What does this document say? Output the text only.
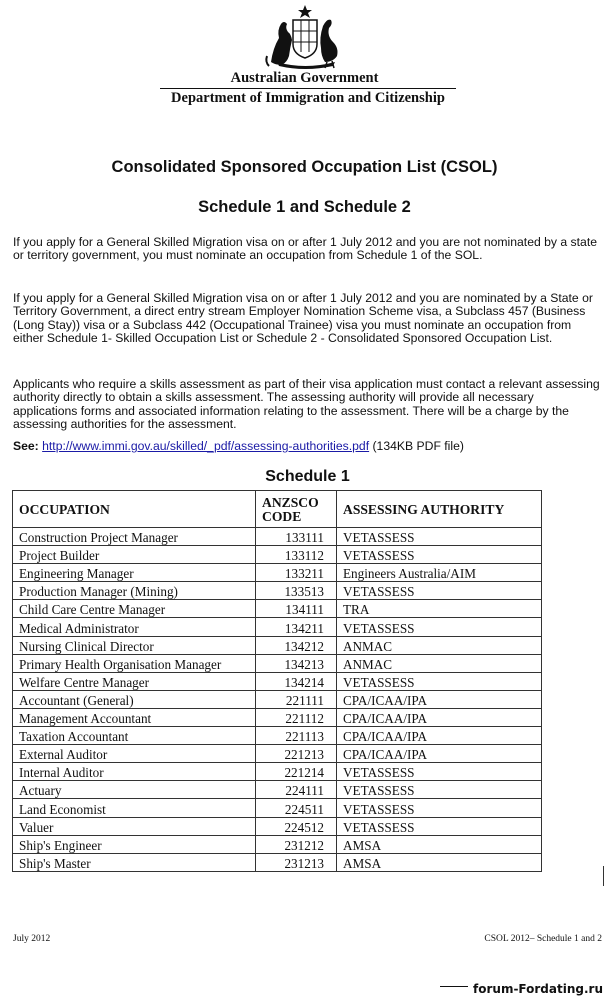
Australian Government
Department of Immigration and Citizenship
Consolidated Sponsored Occupation List (CSOL)
Schedule 1 and Schedule 2
If you apply for a General Skilled Migration visa on or after 1 July 2012 and you are not nominated by a state or territory government, you must nominate an occupation from Schedule 1 of the SOL.
If you apply for a General Skilled Migration visa on or after 1 July 2012 and you are nominated by a State or Territory Government, a direct entry stream Employer Nomination Scheme visa, a Subclass 457 (Business (Long Stay)) visa or a Subclass 442 (Occupational Trainee) visa you must nominate an occupation from either Schedule 1- Skilled Occupation List or Schedule 2 - Consolidated Sponsored Occupation List.
Applicants who require a skills assessment as part of their visa application must contact a relevant assessing authority directly to obtain a skills assessment. The assessing authority will provide all necessary applications forms and associated information relating to the assessment. There will be a charge by the assessing authorities for the assessment.
See: http://www.immi.gov.au/skilled/_pdf/assessing-authorities.pdf (134KB PDF file)
Schedule 1
OCCUPATION	ANZSCO CODE	ASSESSING AUTHORITY
Construction Project Manager	133111	VETASSESS
Project Builder	133112	VETASSESS
Engineering Manager	133211	Engineers Australia/AIM
Production Manager (Mining)	133513	VETASSESS
Child Care Centre Manager	134111	TRA
Medical Administrator	134211	VETASSESS
Nursing Clinical Director	134212	ANMAC
Primary Health Organisation Manager	134213	ANMAC
Welfare Centre Manager	134214	VETASSESS
Accountant (General)	221111	CPA/ICAA/IPA
Management Accountant	221112	CPA/ICAA/IPA
Taxation Accountant	221113	CPA/ICAA/IPA
External Auditor	221213	CPA/ICAA/IPA
Internal Auditor	221214	VETASSESS
Actuary	224111	VETASSESS
Land Economist	224511	VETASSESS
Valuer	224512	VETASSESS
Ship's Engineer	231212	AMSA
Ship's Master	231213	AMSA
July 2012	CSOL 2012– Schedule 1 and 2
forum-Fordating.ru
